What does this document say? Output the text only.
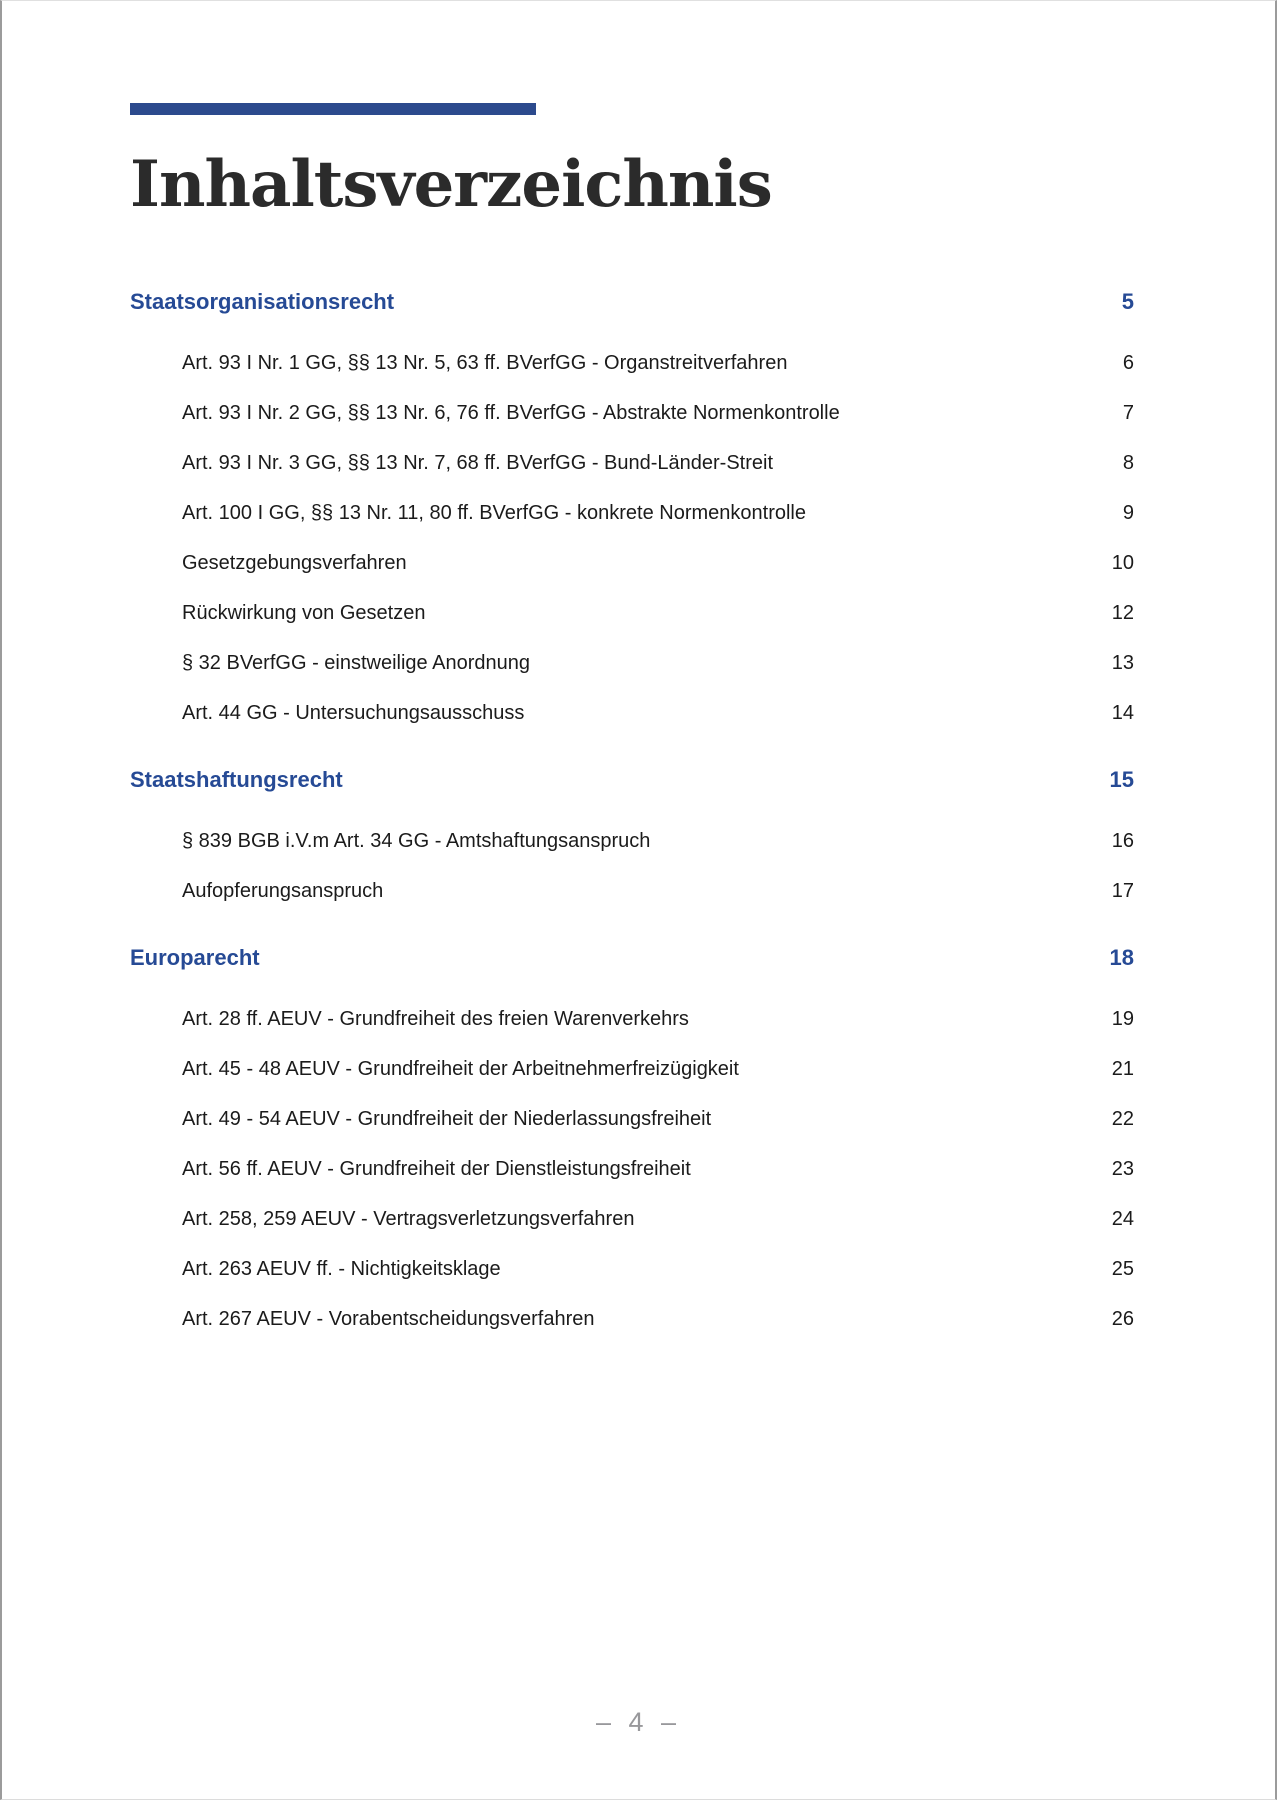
Inhaltsverzeichnis
Staatsorganisationsrecht	5
Art. 93 I Nr. 1 GG, §§ 13 Nr. 5, 63 ff. BVerfGG - Organstreitverfahren	6
Art. 93 I Nr. 2 GG, §§ 13 Nr. 6, 76 ff. BVerfGG - Abstrakte Normenkontrolle	7
Art. 93 I Nr. 3 GG, §§ 13 Nr. 7, 68 ff. BVerfGG - Bund-Länder-Streit	8
Art. 100 I GG, §§ 13 Nr. 11, 80 ff. BVerfGG - konkrete Normenkontrolle	9
Gesetzgebungsverfahren	10
Rückwirkung von Gesetzen	12
§ 32 BVerfGG - einstweilige Anordnung	13
Art. 44 GG - Untersuchungsausschuss	14
Staatshaftungsrecht	15
§ 839 BGB i.V.m Art. 34 GG - Amtshaftungsanspruch	16
Aufopferungsanspruch	17
Europarecht	18
Art. 28 ff. AEUV - Grundfreiheit des freien Warenverkehrs	19
Art. 45 - 48 AEUV - Grundfreiheit der Arbeitnehmerfreizügigkeit	21
Art. 49 - 54 AEUV - Grundfreiheit der Niederlassungsfreiheit	22
Art. 56 ff. AEUV - Grundfreiheit der Dienstleistungsfreiheit	23
Art. 258, 259 AEUV - Vertragsverletzungsverfahren	24
Art. 263 AEUV ff. - Nichtigkeitsklage	25
Art. 267 AEUV - Vorabentscheidungsverfahren	26
– 4 –
